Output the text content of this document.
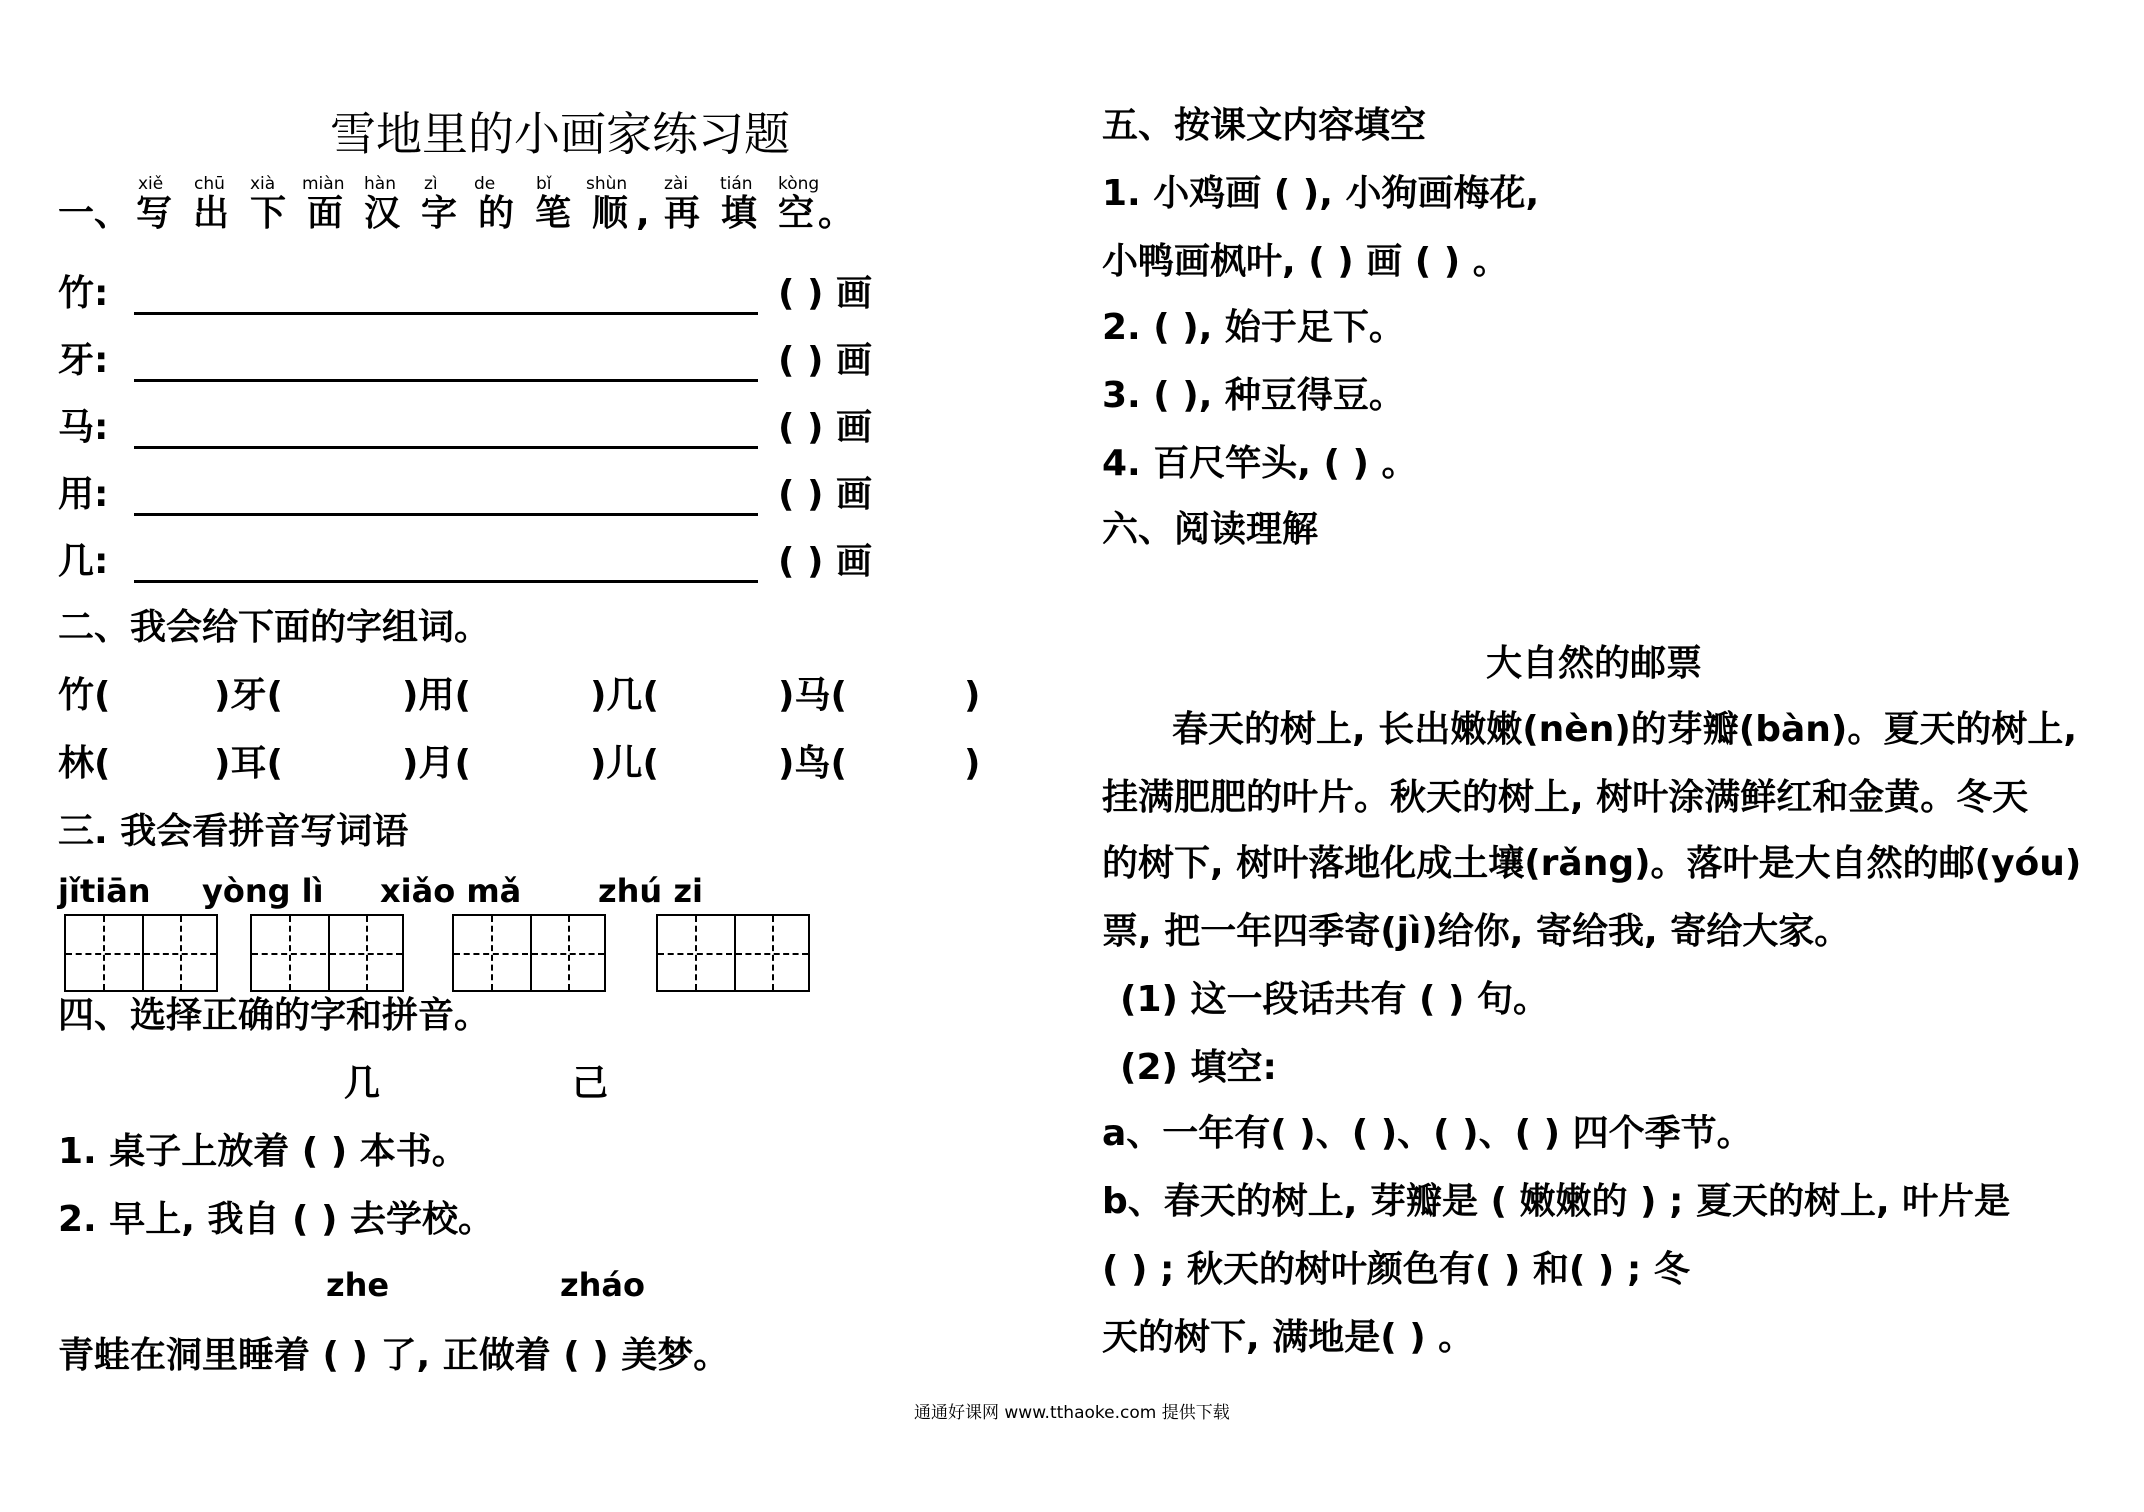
雪地里的小画家练习题
xiě chū xià miàn hàn zì de bǐ shùn zài tián kòng
一、 写 出 下 面 汉 字 的 笔 顺 , 再 填 空 。
竹:	( ) 画
牙:	( ) 画
马:	( ) 画
用:	( ) 画
几:	( ) 画
二、我会给下面的字组词。
竹(	)牙(	)用(	)几(	)马(	)
林(	)耳(	)月(	)儿(	)鸟(	)
三. 我会看拼音写词语
jǐtiān yòng lì xiǎo mǎ zhú zi
四、选择正确的字和拼音。
几	己
1. 桌子上放着 ( ) 本书。
2. 早上, 我自 ( ) 去学校。
zhe	zháo
青蛙在洞里睡着 ( ) 了, 正做着 ( ) 美梦。
五、按课文内容填空
1. 小鸡画 ( ), 小狗画梅花,
小鸭画枫叶, ( ) 画 ( ) 。
2. ( ), 始于足下。
3. ( ), 种豆得豆。
4. 百尺竿头, ( ) 。
六、阅读理解
大自然的邮票
春天的树上, 长出嫩嫩(nèn)的芽瓣(bàn)。夏天的树上,
挂满肥肥的叶片。秋天的树上, 树叶涂满鲜红和金黄。冬天
的树下, 树叶落地化成土壤(rǎng)。落叶是大自然的邮(yóu)
票, 把一年四季寄(jì)给你, 寄给我, 寄给大家。
(1) 这一段话共有 ( ) 句。
(2) 填空:
a、一年有( )、( )、( )、( ) 四个季节。
b、春天的树上, 芽瓣是 ( 嫩嫩的 ) ; 夏天的树上, 叶片是
( ) ; 秋天的树叶颜色有( ) 和( ) ; 冬
天的树下, 满地是( ) 。
通通好课网 www.tthaoke.com 提供下载
